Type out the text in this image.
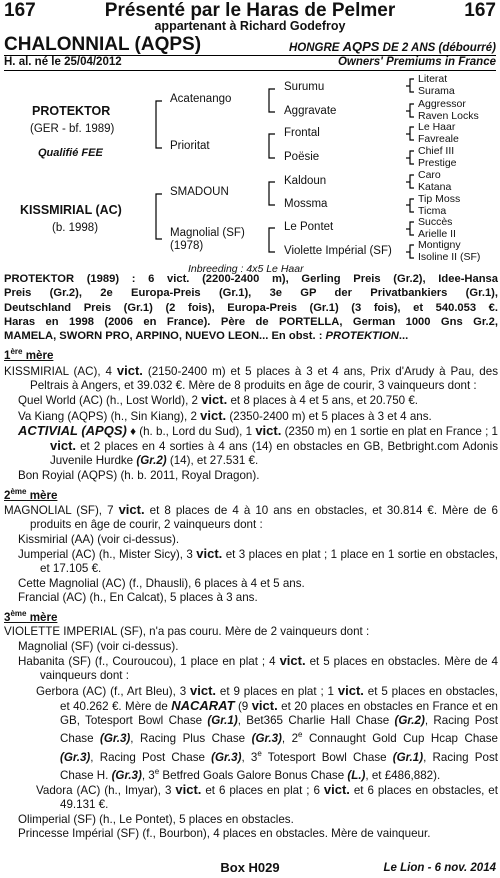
167	Présenté par le Haras de Pelmer	167
appartenant à Richard Godefroy
CHALONNIAL (AQPS)	HONGRE AQPS DE 2 ANS (débourré)
H. al. né le 25/04/2012	Owners' Premiums in France
PROTEKTOR
(GER - bf. 1989)
Qualifié FEE
KISSMIRIAL (AC)
(b. 1998)
Acatenango
Prioritat
SMADOUN
Magnolial (SF)
(1978)
Surumu
Aggravate
Frontal
Poësie
Kaldoun
Mossma
Le Pontet
Violette Impérial (SF)
Literat
Surama
Aggressor
Raven Locks
Le Haar
Favreale
Chief III
Prestige
Caro
Katana
Tip Moss
Ticma
Succès
Arielle II
Montigny
Isoline II (SF)
Inbreeding : 4x5 Le Haar
PROTEKTOR (1989) : 6 vict. (2200-2400 m), Gerling Preis (Gr.2), Idee-Hansa
Preis (Gr.2), 2e Europa-Preis (Gr.1), 3e GP der Privatbankiers (Gr.1),
Deutschland Preis (Gr.1) (2 fois), Europa-Preis (Gr.1) (3 fois), et 540.053 €.
Haras en 1998 (2006 en France). Père de PORTELLA, German 1000 Gns Gr.2,
MAMELA, SWORN PRO, ARPINO, NUEVO LEON... En obst. : PROTEKTION...

1ère mère

KISSMIRIAL (AC), 4 vict. (2150-2400 m) et 5 places à 3 et 4 ans, Prix d'Arudy à Pau, des Peltrais à Angers, et 39.032 €. Mère de 8 produits en âge de courir, 3 vainqueurs dont :

Quel World (AC) (h., Lost World), 2 vict. et 8 places à 4 et 5 ans, et 20.750 €.

Va Kiang (AQPS) (h., Sin Kiang), 2 vict. (2350-2400 m) et 5 places à 3 et 4 ans.

ACTIVIAL (APQS) ♦ (h. b., Lord du Sud), 1 vict. (2350 m) en 1 sortie en plat en France ; 1 vict. et 2 places en 4 sorties à 4 ans (14) en obstacles en GB, Betbright.com Adonis Juvenile Hurdke (Gr.2) (14), et 27.531 €.

Bon Royial (AQPS) (h. b. 2011, Royal Dragon).

2ème mère

MAGNOLIAL (SF), 7 vict. et 8 places de 4 à 10 ans en obstacles, et 30.814 €. Mère de 6 produits en âge de courir, 2 vainqueurs dont :

Kissmirial (AA) (voir ci-dessus).

Jumperial (AC) (h., Mister Sicy), 3 vict. et 3 places en plat ; 1 place en 1 sortie en obstacles, et 17.105 €.

Cette Magnolial (AC) (f., Dhausli), 6 places à 4 et 5 ans.

Francial (AC) (h., En Calcat), 5 places à 3 ans.

3ème mère

VIOLETTE IMPERIAL (SF), n'a pas couru. Mère de 2 vainqueurs dont :

Magnolial (SF) (voir ci-dessus).

Habanita (SF) (f., Couroucou), 1 place en plat ; 4 vict. et 5 places en obstacles. Mère de 4 vainqueurs dont :

Gerbora (AC) (f., Art Bleu), 3 vict. et 9 places en plat ; 1 vict. et 5 places en obstacles, et 40.262 €. Mère de NACARAT (9 vict. et 20 places en obstacles en France et en GB, Totesport Bowl Chase (Gr.1), Bet365 Charlie Hall Chase (Gr.2), Racing Post Chase (Gr.3), Racing Plus Chase (Gr.3), 2e Connaught Gold Cup Hcap Chase (Gr.3), Racing Post Chase (Gr.3), 3e Totesport Bowl Chase (Gr.1), Racing Post Chase H. (Gr.3), 3e Betfred Goals Galore Bonus Chase (L.), et £486,882).

Vadora (AC) (h., Imyar), 3 vict. et 6 places en plat ; 6 vict. et 6 places en obstacles, et 49.131 €.

Olimperial (SF) (h., Le Pontet), 5 places en obstacles.

Princesse Impérial (SF) (f., Bourbon), 4 places en obstacles. Mère de vainqueur.

Box H029	Le Lion - 6 nov. 2014
